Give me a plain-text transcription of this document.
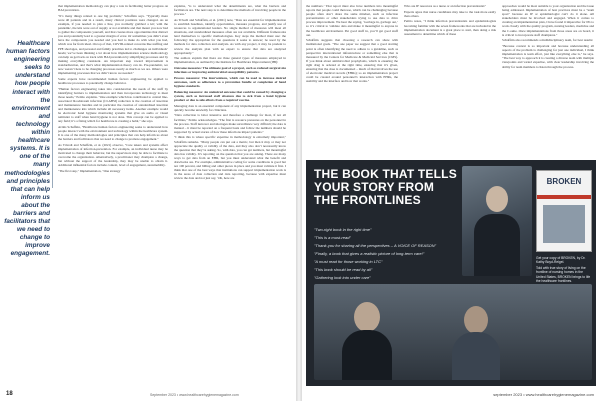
Healthcare human factors engineering seeks to understand how people interact with the environment and technology within healthcare systems. It is one of the many methodologies and principles that can help inform us about the barriers and facilitators that we need to change to improve engagement.

that implementation methodology can play a role in facilitating better progress on HAI prevention.

"It’s many things related to one big problem," Schaffzin says. "Typically there were 40 patients and in a result, many clinical positions were changed. As an example, if you needed to plan a line, you normally grabbed a kit; with the pandemic, the kits were out of supply or not available and that meant you now had to gather the components yourself, and that creates more opportunities that distract you and potentially lead to a greater margin of error. Or sometimes you didn’t even have the components you needed and you had to make do with what you had, which was far from ideal. On top of that, COVID-related concerns like staffing and PPE shortages, and personal and family priorities led to challenges on individuals’ heads; we’ve been thinking a lot about how implementation science methodology can help us get back on track with HAI prevention by simplifying processes and by making everything consistent. An important step toward improvement is standardization, and that’s what implementation theory can do. Pre-pandemic, we now weren’t here to be changing processes nearly as much as we are. Others were implementing processes that we didn’t know we needed."

Some experts have recommended human factors engineering be applied to healthcare processes to potentially change behavior.

"Human factors engineering takes into consideration the needs of the staff by identifying barriers to implementation and then incorporates technology to meet those needs," Petitio explains. "One example which has contributed to central line-associated bloodstream infection (CLABSI) reduction is the creation of insertion and maintenance bundles and in particular the creation of standardized insertion and maintenance kits which include all necessary items. Another example would be electronic hand hygiene monitoring systems that give an audio or visual reminder to staff when hand hygiene is not done. This concept can be applied to any field; it’s a fixing which for healthcare is creating a habit," she says.

Avilés Schaffzin, "Healthcare human factors engineering seeks to understand how people interact with the environment and technology within the healthcare system. It is one of the many methodologies and principles that can help inform us about the barriers and facilitators that we need to change to promote engagement."

As Trivedi and Schaffzin, et al. (2021) observe, "Care takers and systems affect implementation of infection-prevention. For example, an individual nurse may be motivated to change their behavior, but the supervisors may be able to facilitate to overcome the organization. Alternatively, a practitioner may champion a change, but without the support of the leadership, they may be unable to obtain it. Additional influential factors include context, level of engagement, sustainability.

"The first step," Implementation, "One strategy

explains, "is to understand what the determinants are, what the barriers and facilitators are. The next step is to determine the methods of involving people in the process."

As Trivedi and Schaffzin, et al. (2021) note, "Data are essential for implementation to establish baselines, identify opportunities, measure progress, and justify use of resources to organizational leaders. No single method of measures will meet all situations, and standardized measures often are not available. Different frameworks lend themselves to specific methodologies. Key steps the method must use: the following: the appropriate for the questions it seeks to answer; be used by the methods for data collection and analysis. As with any project, it may be prudent to review the analysis plan with an expert to ensure that data are analyzed appropriately."

The authors explain that there are three general types of measures employed in implementation, as outlined by the Institute for Healthcare Improvement (IHI):

Outcome measures: The ultimate goal of a project, such as reduced surgical site infections or improving antimicrobial susceptibility patterns.

Process measures: The interventions, which can be used to increase desired outcomes, such as adherence to a prevention bundle or completion of hand hygiene standards.

Balancing measures: An undesired outcome that could be caused by changing a system, such as increased staff absences due to sick from a hand hygiene product or due to side effects from a required vaccine.

Managing data is an essential component of any implementation project, but it can quickly become unwieldy for clinicians.

"Data collection is labor intensive and therefore a challenge for most, if not all facilities," Petitio acknowledges. "The first is resource pressures on the personnel in the process. Staff turnover and shortages make surveillance very difficult; the data is manual – it must be reported on a frequent basis and follow the numbers should be supported by actual stories of how these infections impact patients."

"I think this is where specific expertise in methodology is extremely important," Schaffzin remarks. "Many people can put out a metric, but then it may or may not appreciate the quality or validity of the data, and they also don’t necessarily know the question that they’re asking. So, with data, you can get numbers, but meaningful data has validity. It’s reporting on the question that you are asking. There are many ways to get data from an EHR, but you must understand what the benefit and drawbacks are. For example, administrative coding for some conditions is good but not 100 percent, and billing and other pieces in place and you must validate it first. I think that one of the best ways that institutions can support implementation work is in the areas of data collection and data reporting, because with expertise must review the data and not just say, ‘Oh, here are

18	September 2023 • www.healthcarehygienemagazine.com

the numbers.’ That report must also have numbers into meaningful reports that people could then use, which can be challenging because people often don’t share the same mindset, such as infection preventionists or other stakeholders trying to use data to drive process improvement. We hear the saying, ‘Garbage in, garbage out,’ so it’s critical to validate data and make it meaningful to anyone in the healthcare environment. Put good stuff in, you’ll get good stuff out.

Schaffzin suggests that choosing a research can share with institutional goals. "The one paper we suggest that a good starting point is often identifying the need to adhere to a guideline, such as perspective interventional infrastructure or something else that is measured by the Centers for Medicare & Medicaid Services (CMS). If you think about antimicrobial prophylaxis, which is ensuring the right drug is ordered at the right time, ensuring that it’s given, ensuring that the dose is documented – much of that involves the use of electronic medical records (EHRs); so an implementation project could be created around personnel’s interaction with EHRs, the usability and the interface and how that works."

Who are IP resources as a nurse or an infection preventionist?

Experts agree that nurse candidates may take to the task more easily than others.

Petitio notes, "I think infection preventionists and epidemiologists becoming familiar with the seven frameworks that are included in the implementation document is a great place to start, then doing a risk assessment to determine which of these

approaches would be most suitable to your organization and the issue being addressed. Implementation of best practices must be a "team sport" because an IP or epidemiologist can’t do it alone. All stakeholders must be involved and engaged. When it comes to creating an implementation plan, I have found it imperative for IPs to work closely with the quality program, nursing leaders, medicine and the C-suite. Once implementations from those areas are on board, it is critical to incorporate staff champions."

Schaffzin also recommends a multidisciplinary team, for best results:

"Because context is so important and because understanding all aspects of the problem is challenging for just one individual, I think implementation is team effort, just like everything else is," he says. "The best way to approach it is creating a diverse team with multiple viewpoints and varied expertise, with clear leadership involving the ability for team members to listen through the process.

THE BOOK THAT TELLS YOUR STORY FROM THE FRONTLINES
"Two-right book in the right time"
"This is a must-read"
"Thank-you for sharing all the perspectives – A VOICE OF REASON"
"Finally, a book that gives a realistic picture of long-term care!"
"A must read for those working in LTC"
"This book should be read by all"
"Gathering look into under care"
BROKEN

Get your copy of BROKEN, by Dr. Kathy Boyd-Reigel.

Told with true story of living on the frontline of nursing homes in the United States, BROKEN brings to life the healthcare frontlines.

september 2023 • www.healthcarehygienemagazine.com
